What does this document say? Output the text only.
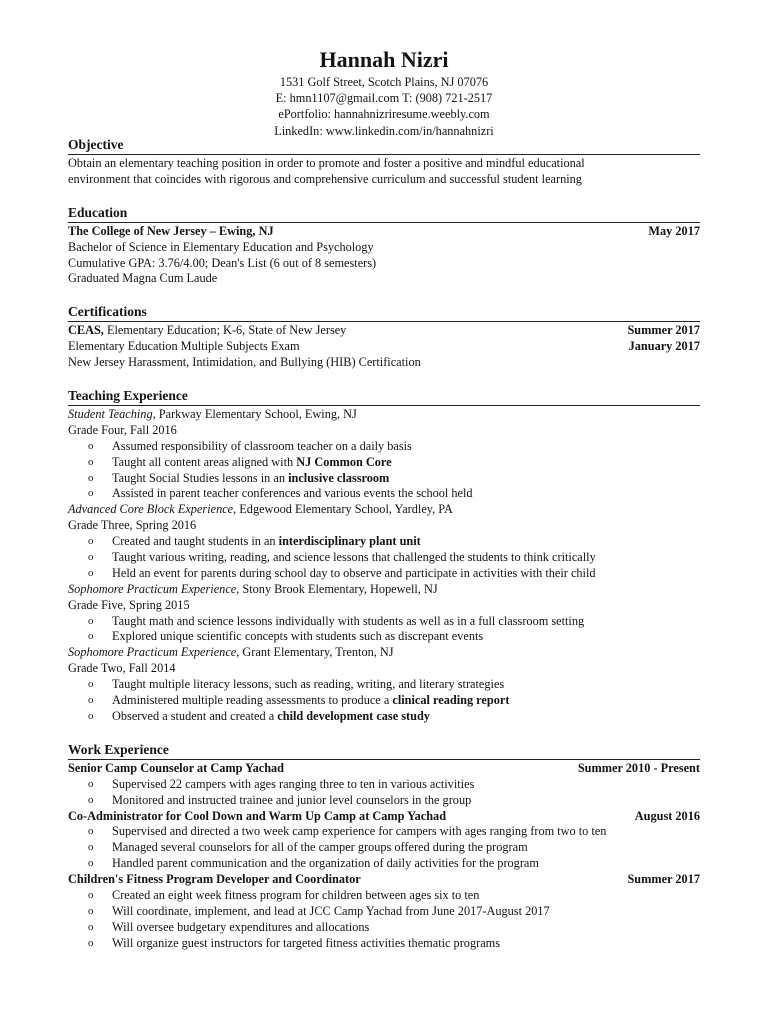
Hannah Nizri
1531 Golf Street, Scotch Plains, NJ 07076
E: hmn1107@gmail.com T: (908) 721-2517
ePortfolio: hannahnizriresume.weebly.com
LinkedIn: www.linkedin.com/in/hannahnizri
Objective
Obtain an elementary teaching position in order to promote and foster a positive and mindful educational
environment that coincides with rigorous and comprehensive curriculum and successful student learning
Education
The College of New Jersey – Ewing, NJ	May 2017
Bachelor of Science in Elementary Education and Psychology
Cumulative GPA: 3.76/4.00; Dean's List (6 out of 8 semesters)
Graduated Magna Cum Laude
Certifications
CEAS, Elementary Education; K-6, State of New Jersey	Summer 2017
Elementary Education Multiple Subjects Exam	January 2017
New Jersey Harassment, Intimidation, and Bullying (HIB) Certification
Teaching Experience
Student Teaching, Parkway Elementary School, Ewing, NJ
Grade Four, Fall 2016
o Assumed responsibility of classroom teacher on a daily basis
o Taught all content areas aligned with NJ Common Core
o Taught Social Studies lessons in an inclusive classroom
o Assisted in parent teacher conferences and various events the school held
Advanced Core Block Experience, Edgewood Elementary School, Yardley, PA
Grade Three, Spring 2016
o Created and taught students in an interdisciplinary plant unit
o Taught various writing, reading, and science lessons that challenged the students to think critically
o Held an event for parents during school day to observe and participate in activities with their child
Sophomore Practicum Experience, Stony Brook Elementary, Hopewell, NJ
Grade Five, Spring 2015
o Taught math and science lessons individually with students as well as in a full classroom setting
o Explored unique scientific concepts with students such as discrepant events
Sophomore Practicum Experience, Grant Elementary, Trenton, NJ
Grade Two, Fall 2014
o Taught multiple literacy lessons, such as reading, writing, and literary strategies
o Administered multiple reading assessments to produce a clinical reading report
o Observed a student and created a child development case study
Work Experience
Senior Camp Counselor at Camp Yachad	Summer 2010 - Present
o Supervised 22 campers with ages ranging three to ten in various activities
o Monitored and instructed trainee and junior level counselors in the group
Co-Administrator for Cool Down and Warm Up Camp at Camp Yachad	August 2016
o Supervised and directed a two week camp experience for campers with ages ranging from two to ten
o Managed several counselors for all of the camper groups offered during the program
o Handled parent communication and the organization of daily activities for the program
Children's Fitness Program Developer and Coordinator	Summer 2017
o Created an eight week fitness program for children between ages six to ten
o Will coordinate, implement, and lead at JCC Camp Yachad from June 2017-August 2017
o Will oversee budgetary expenditures and allocations
o Will organize guest instructors for targeted fitness activities thematic programs
